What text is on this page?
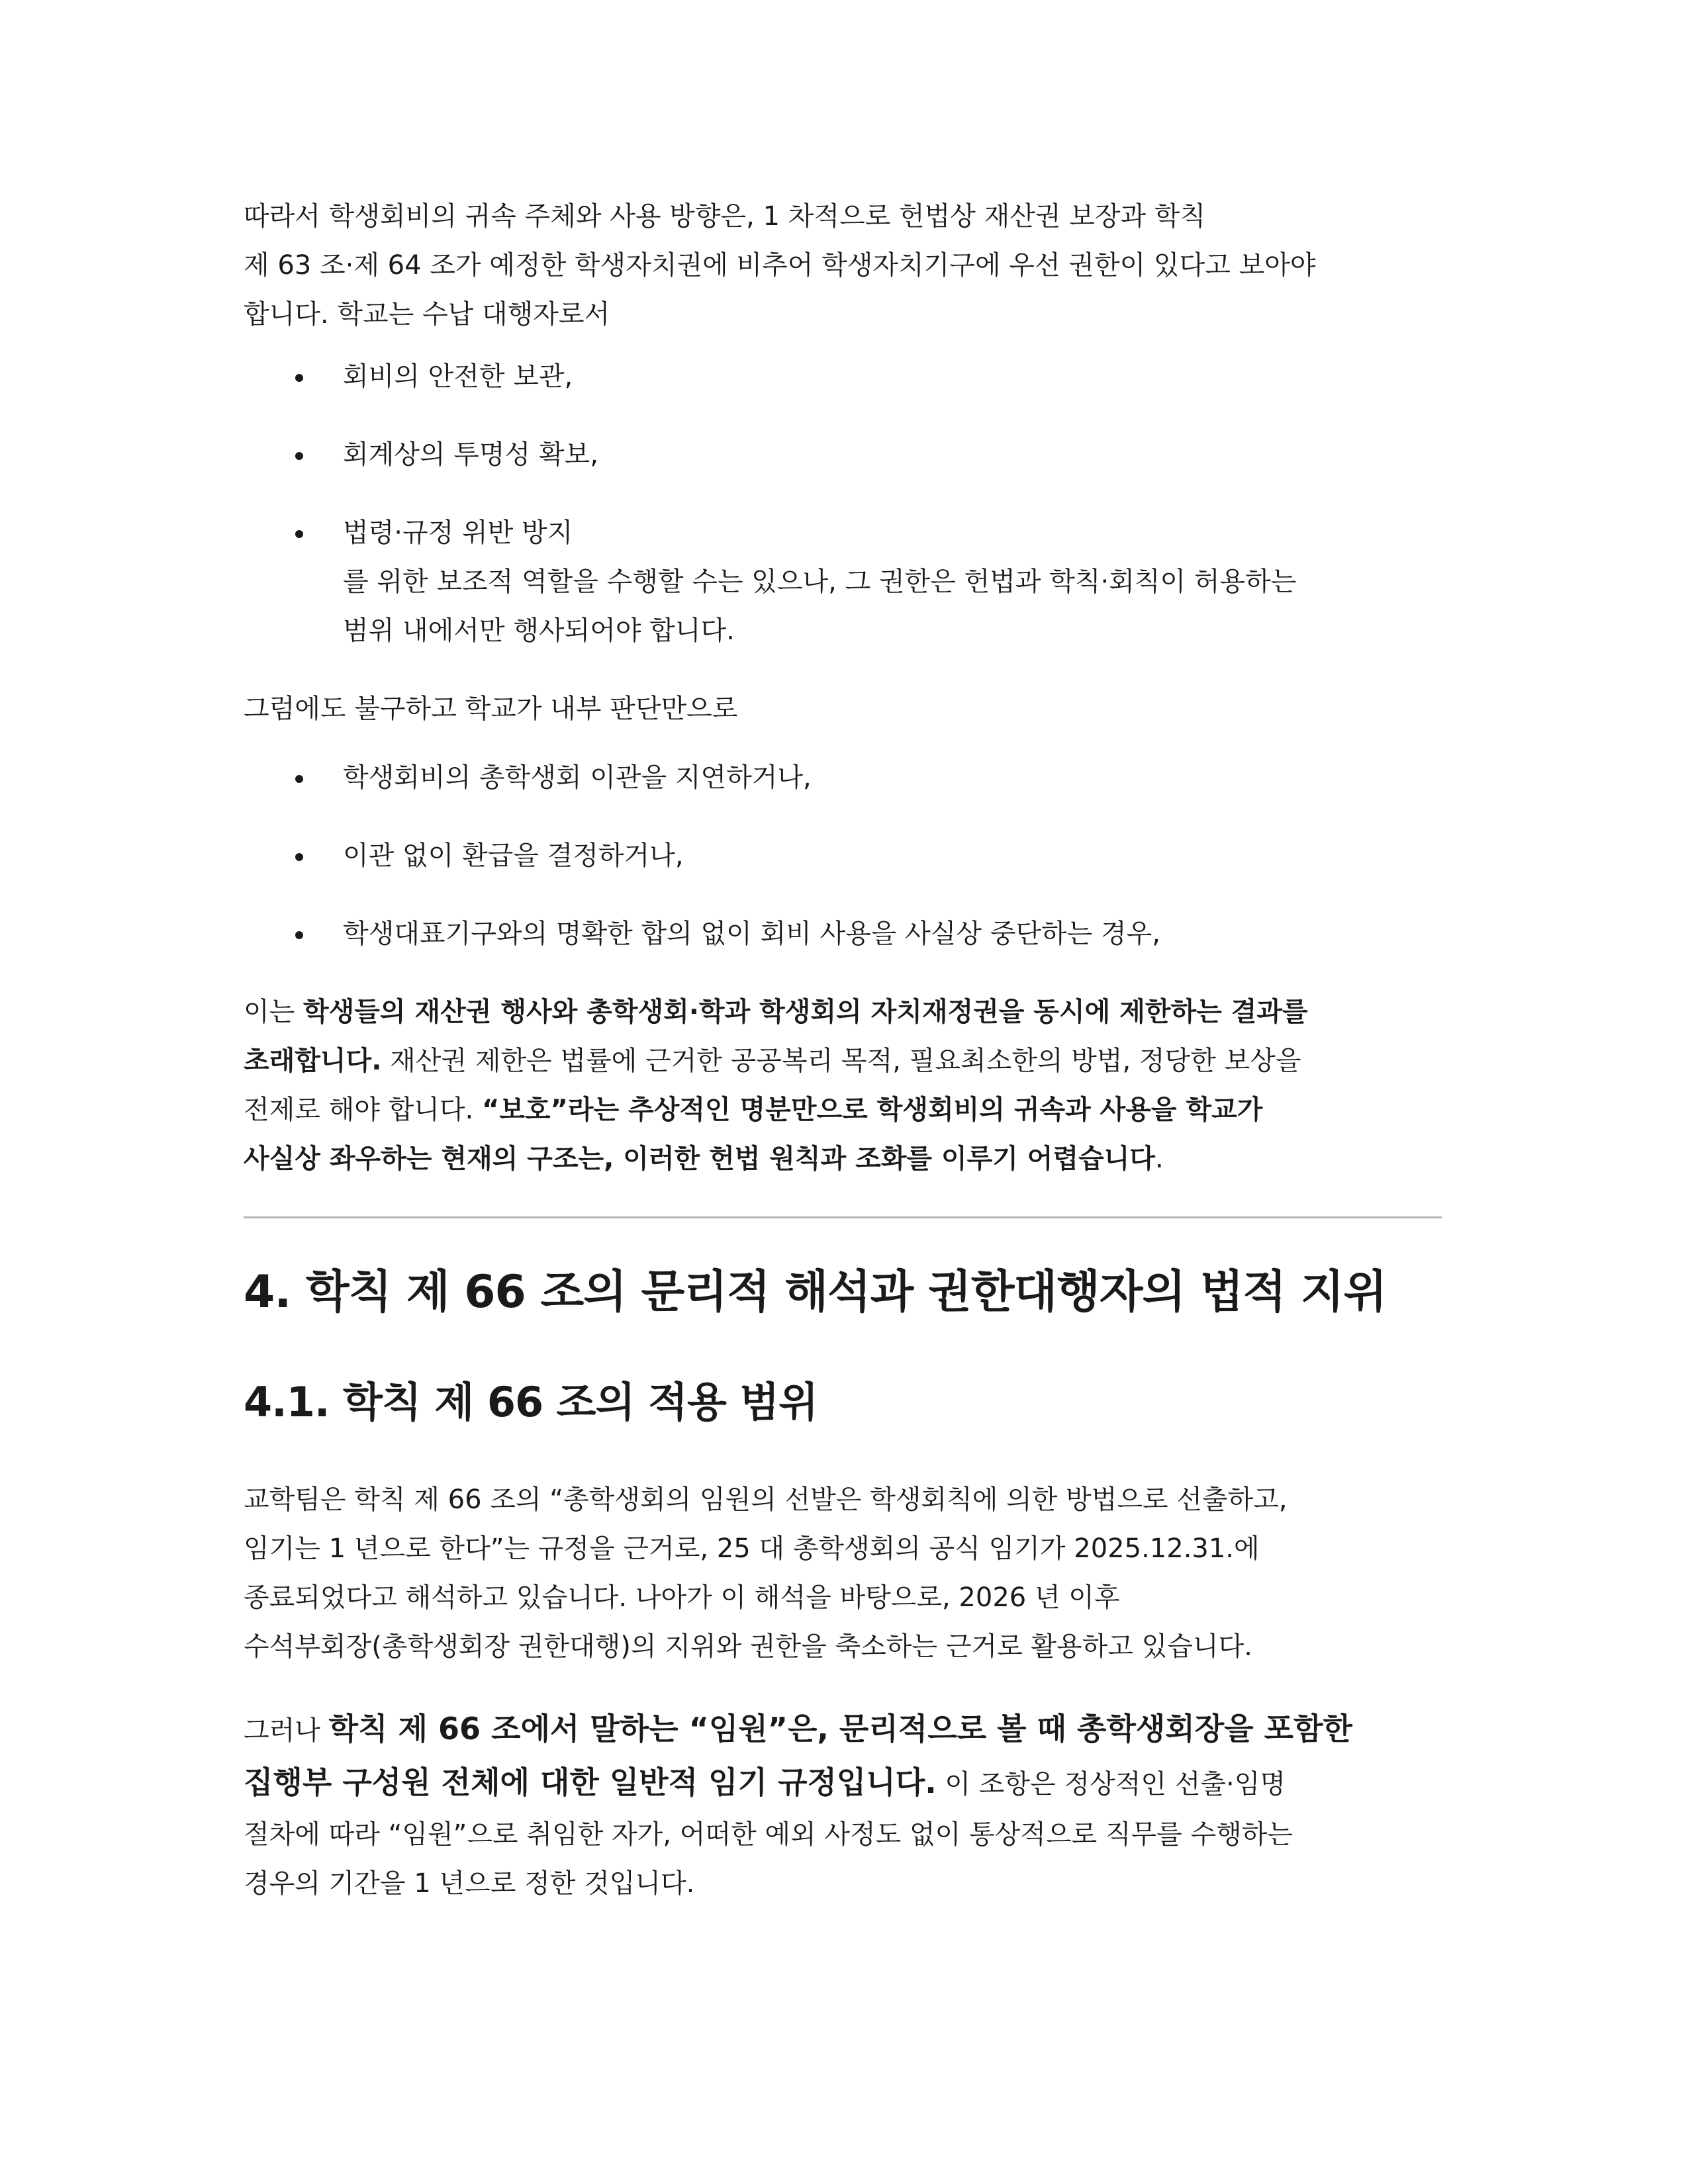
따라서 학생회비의 귀속 주체와 사용 방향은, 1 차적으로 헌법상 재산권 보장과 학칙
제 63 조·제 64 조가 예정한 학생자치권에 비추어 학생자치기구에 우선 권한이 있다고 보아야
합니다. 학교는 수납 대행자로서

회비의 안전한 보관,
회계상의 투명성 확보,
법령·규정 위반 방지
를 위한 보조적 역할을 수행할 수는 있으나, 그 권한은 헌법과 학칙·회칙이 허용하는
범위 내에서만 행사되어야 합니다.

그럼에도 불구하고 학교가 내부 판단만으로

학생회비의 총학생회 이관을 지연하거나,
이관 없이 환급을 결정하거나,
학생대표기구와의 명확한 합의 없이 회비 사용을 사실상 중단하는 경우,

이는 학생들의 재산권 행사와 총학생회·학과 학생회의 자치재정권을 동시에 제한하는 결과를
초래합니다. 재산권 제한은 법률에 근거한 공공복리 목적, 필요최소한의 방법, 정당한 보상을
전제로 해야 합니다. “보호”라는 추상적인 명분만으로 학생회비의 귀속과 사용을 학교가
사실상 좌우하는 현재의 구조는, 이러한 헌법 원칙과 조화를 이루기 어렵습니다.

4. 학칙 제 66 조의 문리적 해석과 권한대행자의 법적 지위
4.1. 학칙 제 66 조의 적용 범위

교학팀은 학칙 제 66 조의 “총학생회의 임원의 선발은 학생회칙에 의한 방법으로 선출하고,
임기는 1 년으로 한다”는 규정을 근거로, 25 대 총학생회의 공식 임기가 2025.12.31.에
종료되었다고 해석하고 있습니다. 나아가 이 해석을 바탕으로, 2026 년 이후
수석부회장(총학생회장 권한대행)의 지위와 권한을 축소하는 근거로 활용하고 있습니다.

그러나 학칙 제 66 조에서 말하는 “임원”은, 문리적으로 볼 때 총학생회장을 포함한
집행부 구성원 전체에 대한 일반적 임기 규정입니다. 이 조항은 정상적인 선출·임명
절차에 따라 “임원”으로 취임한 자가, 어떠한 예외 사정도 없이 통상적으로 직무를 수행하는
경우의 기간을 1 년으로 정한 것입니다.
